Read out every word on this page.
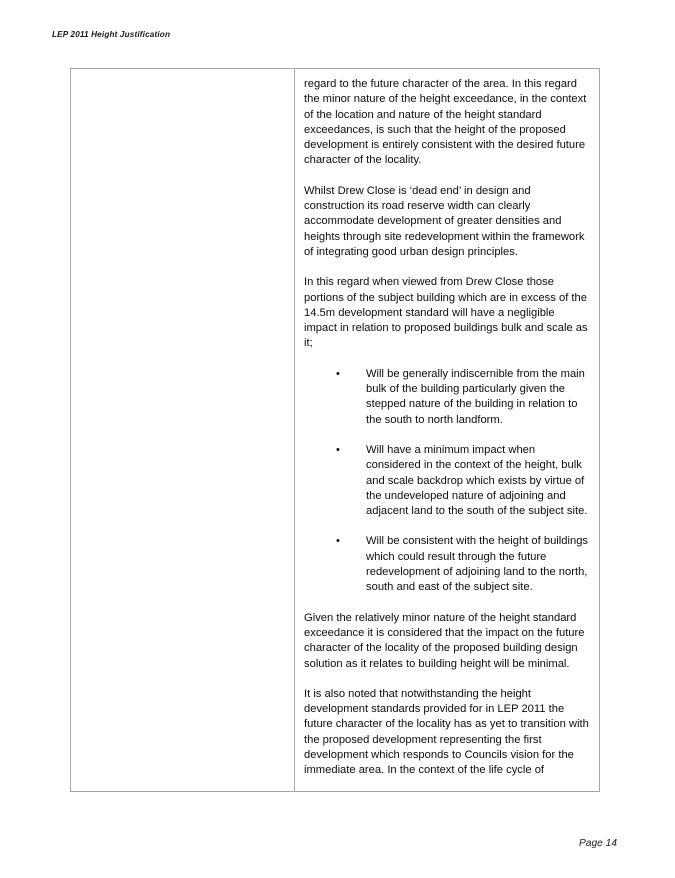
LEP 2011 Height Justification

regard to the future character of the area. In this regard the minor nature of the height exceedance, in the context of the location and nature of the height standard exceedances, is such that the height of the proposed development is entirely consistent with the desired future character of the locality.

Whilst Drew Close is ‘dead end’ in design and construction its road reserve width can clearly accommodate development of greater densities and heights through site redevelopment within the framework of integrating good urban design principles.

In this regard when viewed from Drew Close those portions of the subject building which are in excess of the 14.5m development standard will have a negligible impact in relation to proposed buildings bulk and scale as it;

• Will be generally indiscernible from the main bulk of the building particularly given the stepped nature of the building in relation to the south to north landform.
• Will have a minimum impact when considered in the context of the height, bulk and scale backdrop which exists by virtue of the undeveloped nature of adjoining and adjacent land to the south of the subject site.
• Will be consistent with the height of buildings which could result through the future redevelopment of adjoining land to the north, south and east of the subject site.

Given the relatively minor nature of the height standard exceedance it is considered that the impact on the future character of the locality of the proposed building design solution as it relates to building height will be minimal.

It is also noted that notwithstanding the height development standards provided for in LEP 2011 the future character of the locality has as yet to transition with the proposed development representing the first development which responds to Councils vision for the immediate area. In the context of the life cycle of

Page 14
